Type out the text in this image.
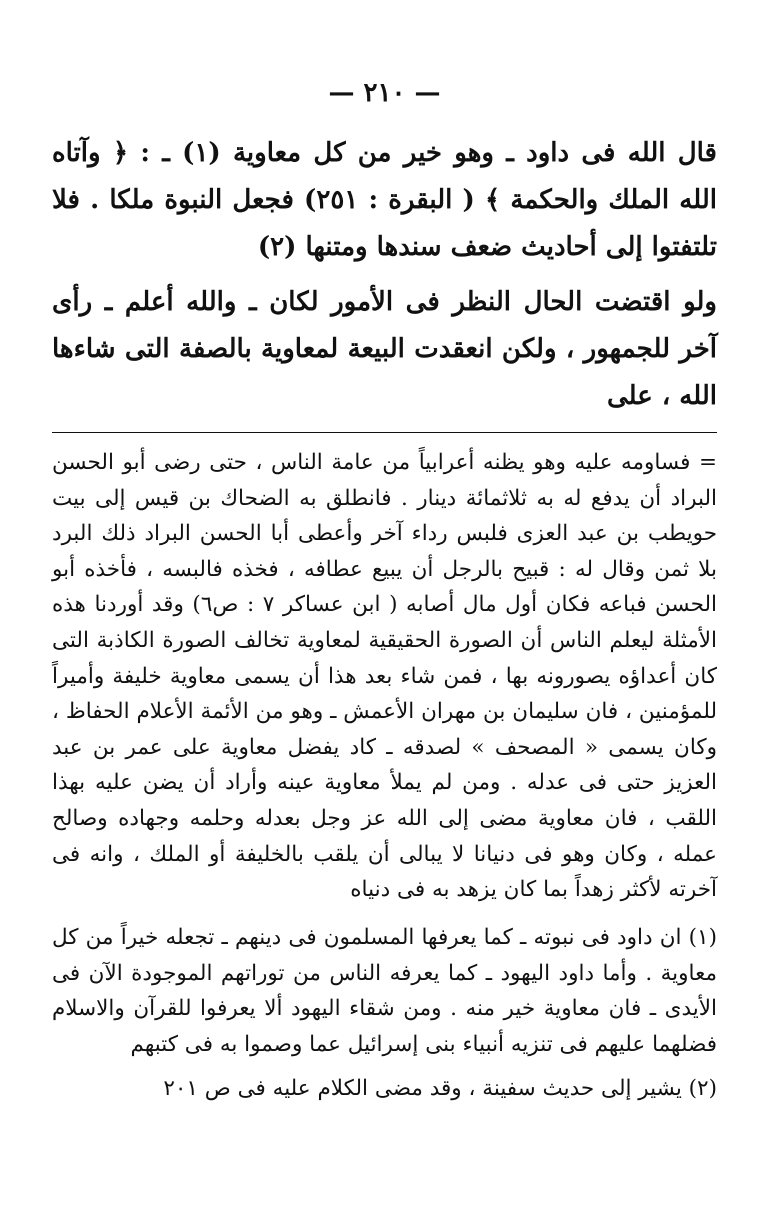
— ٢١٠ —

قال الله فى داود ـ وهو خير من كل معاوية (١) ـ : ﴿ وآتاه الله الملك والحكمة ﴾ ( البقرة : ٢٥١) فجعل النبوة ملكا . فلا تلتفتوا إلى أحاديث ضعف سندها ومتنها (٢)

ولو اقتضت الحال النظر فى الأمور لكان ـ والله أعلم ـ رأى آخر للجمهور ، ولكن انعقدت البيعة لمعاوية بالصفة التى شاءها الله ، على

= فساومه عليه وهو يظنه أعرابياً من عامة الناس ، حتى رضى أبو الحسن البراد أن يدفع له به ثلاثمائة دينار . فانطلق به الضحاك بن قيس إلى بيت حويطب بن عبد العزى فلبس رداء آخر وأعطى أبا الحسن البراد ذلك البرد بلا ثمن وقال له : قبيح بالرجل أن يبيع عطافه ، فخذه فالبسه ، فأخذه أبو الحسن فباعه فكان أول مال أصابه ( ابن عساكر ٧ : ص٦) وقد أوردنا هذه الأمثلة ليعلم الناس أن الصورة الحقيقية لمعاوية تخالف الصورة الكاذبة التى كان أعداؤه يصورونه بها ، فمن شاء بعد هذا أن يسمى معاوية خليفة وأميراً للمؤمنين ، فان سليمان بن مهران الأعمش ـ وهو من الأئمة الأعلام الحفاظ ، وكان يسمى « المصحف » لصدقه ـ كاد يفضل معاوية على عمر بن عبد العزيز حتى فى عدله . ومن لم يملأ معاوية عينه وأراد أن يضن عليه بهذا اللقب ، فان معاوية مضى إلى الله عز وجل بعدله وحلمه وجهاده وصالح عمله ، وكان وهو فى دنيانا لا يبالى أن يلقب بالخليفة أو الملك ، وانه فى آخرته لأكثر زهداً بما كان يزهد به فى دنياه

(١) ان داود فى نبوته ـ كما يعرفها المسلمون فى دينهم ـ تجعله خيراً من كل معاوية . وأما داود اليهود ـ كما يعرفه الناس من توراتهم الموجودة الآن فى الأيدى ـ فان معاوية خير منه . ومن شقاء اليهود ألا يعرفوا للقرآن والاسلام فضلهما عليهم فى تنزيه أنبياء بنى إسرائيل عما وصموا به فى كتبهم

(٢) يشير إلى حديث سفينة ، وقد مضى الكلام عليه فى ص ٢٠١
